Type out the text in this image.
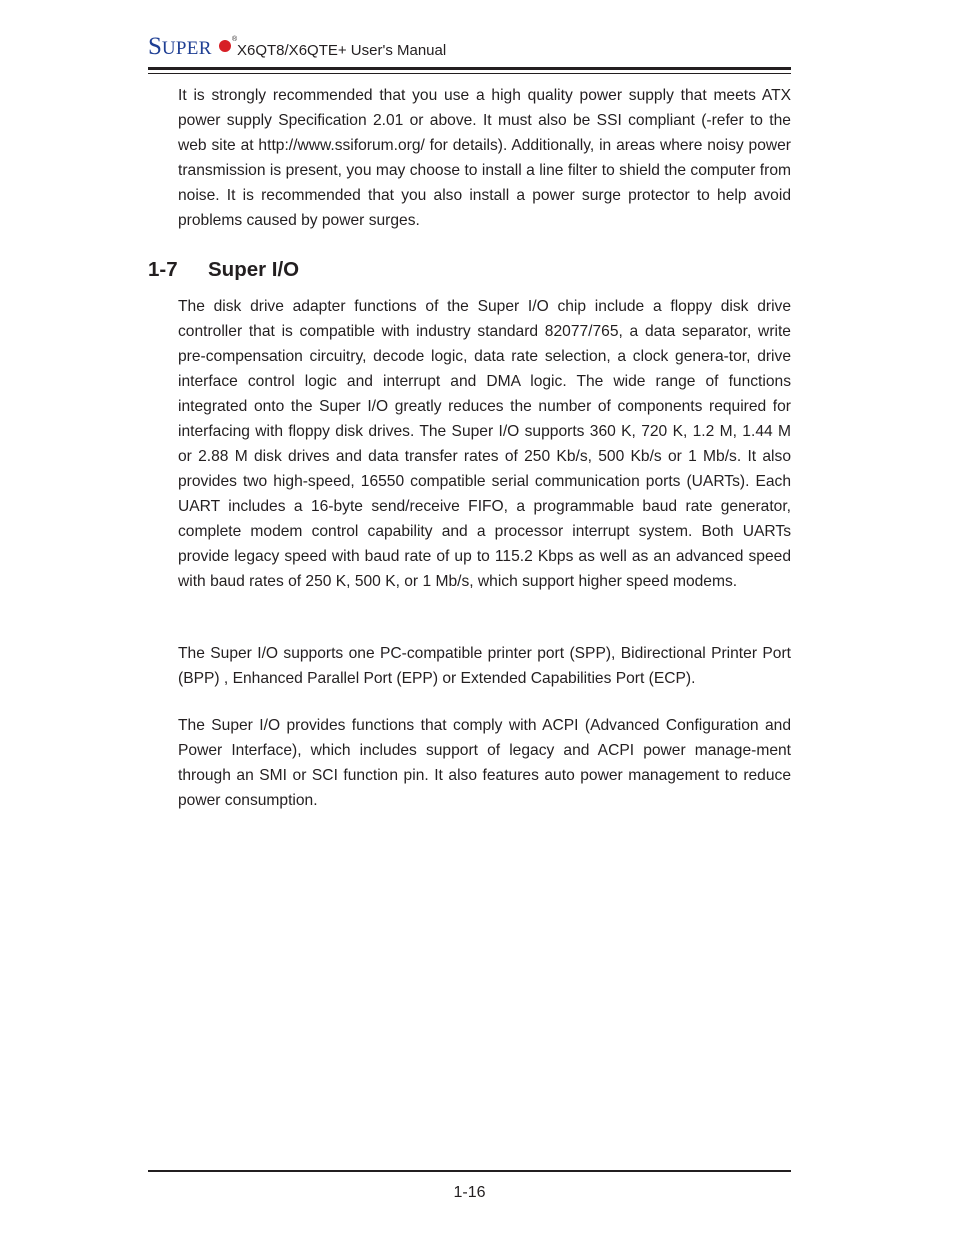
SUPER	®
X6QT8/X6QTE+ User's Manual

It is strongly recommended that you use a high quality power supply that meets ATX power supply Specification 2.01 or above. It must also be SSI compliant (-refer to the web site at http://www.ssiforum.org/ for details). Additionally, in areas where noisy power transmission is present, you may choose to install a line filter to shield the computer from noise. It is recommended that you also install a power surge protector to help avoid problems caused by power surges.

1-7 Super I/O

The disk drive adapter functions of the Super I/O chip include a floppy disk drive controller that is compatible with industry standard 82077/765, a data separator, write pre-compensation circuitry, decode logic, data rate selection, a clock genera-tor, drive interface control logic and interrupt and DMA logic. The wide range of functions integrated onto the Super I/O greatly reduces the number of components required for interfacing with floppy disk drives. The Super I/O supports 360 K, 720 K, 1.2 M, 1.44 M or 2.88 M disk drives and data transfer rates of 250 Kb/s, 500 Kb/s or 1 Mb/s. It also provides two high-speed, 16550 compatible serial communication ports (UARTs). Each UART includes a 16-byte send/receive FIFO, a programmable baud rate generator, complete modem control capability and a processor interrupt system. Both UARTs provide legacy speed with baud rate of up to 115.2 Kbps as well as an advanced speed with baud rates of 250 K, 500 K, or 1 Mb/s, which support higher speed modems.

The Super I/O supports one PC-compatible printer port (SPP), Bidirectional Printer Port (BPP) , Enhanced Parallel Port (EPP) or Extended Capabilities Port (ECP).

The Super I/O provides functions that comply with ACPI (Advanced Configuration and Power Interface), which includes support of legacy and ACPI power manage-ment through an SMI or SCI function pin. It also features auto power management to reduce power consumption.

1-16
